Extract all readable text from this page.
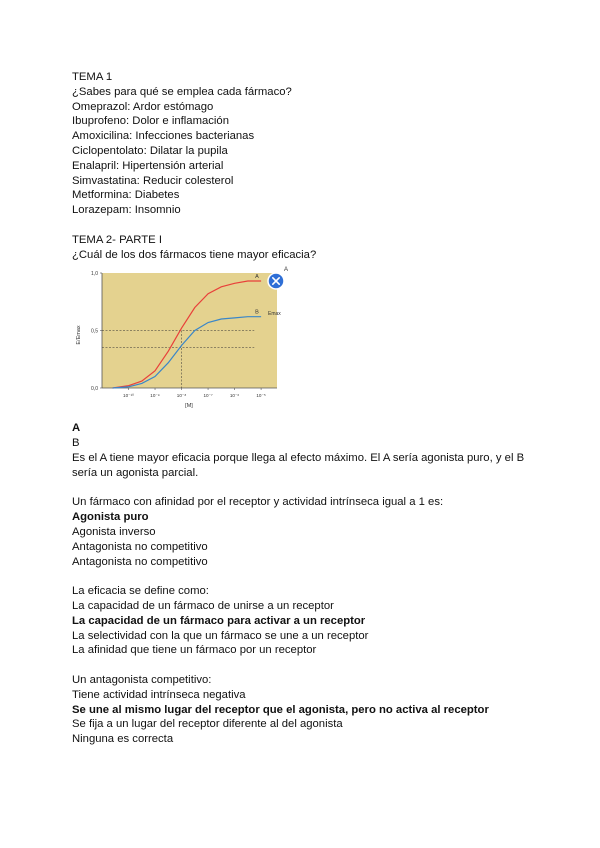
TEMA 1
¿Sabes para qué se emplea cada fármaco?
Omeprazol: Ardor estómago
Ibuprofeno: Dolor e inflamación
Amoxicilina: Infecciones bacterianas
Ciclopentolato: Dilatar la pupila
Enalapril: Hipertensión arterial
Simvastatina: Reducir colesterol
Metformina: Diabetes
Lorazepam: Insomnio
TEMA 2- PARTE I
¿Cuál de los dos fármacos tiene mayor eficacia?
0,0
0,5
1,0
10⁻¹⁰	10⁻⁹	10⁻⁸	10⁻⁷	10⁻⁶	10⁻⁵
A
B
E/Emax
[M]
Emax
A
A
B
Es el A tiene mayor eficacia porque llega al efecto máximo. El A sería agonista puro, y el B sería un agonista parcial.
Un fármaco con afinidad por el receptor y actividad intrínseca igual a 1 es:
Agonista puro
Agonista inverso
Antagonista no competitivo
Antagonista no competitivo
La eficacia se define como:
La capacidad de un fármaco de unirse a un receptor
La capacidad de un fármaco para activar a un receptor
La selectividad con la que un fármaco se une a un receptor
La afinidad que tiene un fármaco por un receptor
Un antagonista competitivo:
Tiene actividad intrínseca negativa
Se une al mismo lugar del receptor que el agonista, pero no activa al receptor
Se fija a un lugar del receptor diferente al del agonista
Ninguna es correcta
